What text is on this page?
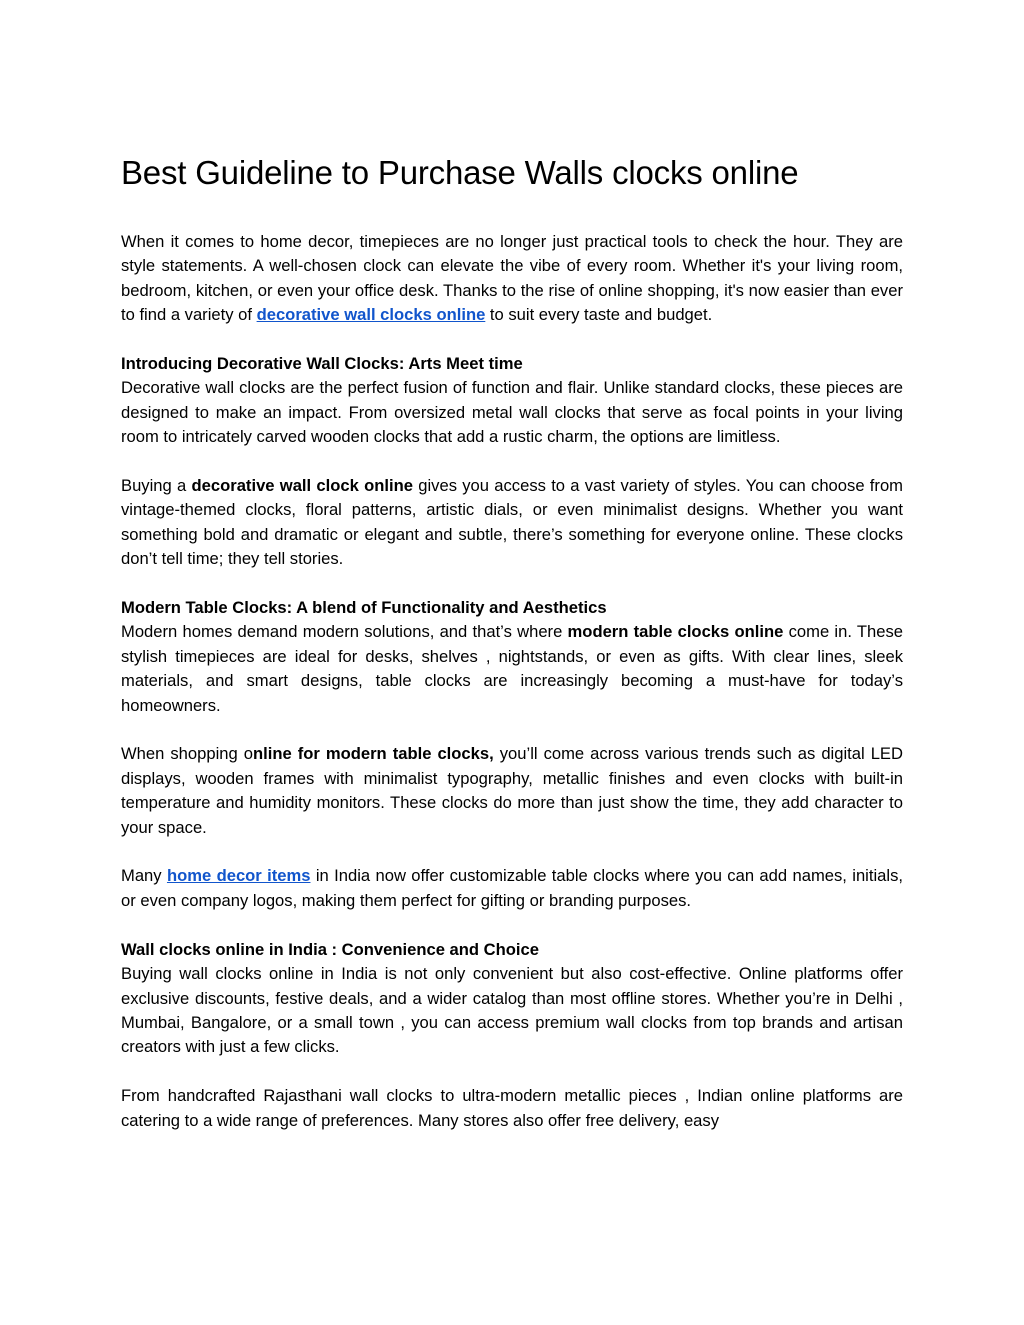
Best Guideline to Purchase Walls clocks online

When it comes to home decor, timepieces are no longer just practical tools to check the hour. They are style statements. A well-chosen clock can elevate the vibe of every room. Whether it's your living room, bedroom, kitchen, or even your office desk. Thanks to the rise of online shopping, it's now easier than ever to find a variety of decorative wall clocks online to suit every taste and budget.

Introducing Decorative Wall Clocks: Arts Meet time
Decorative wall clocks are the perfect fusion of function and flair. Unlike standard clocks, these pieces are designed to make an impact. From oversized metal wall clocks that serve as focal points in your living room to intricately carved wooden clocks that add a rustic charm, the options are limitless.

Buying a decorative wall clock online gives you access to a vast variety of styles. You can choose from vintage-themed clocks, floral patterns, artistic dials, or even minimalist designs. Whether you want something bold and dramatic or elegant and subtle, there’s something for everyone online. These clocks don’t tell time; they tell stories.

Modern Table Clocks: A blend of Functionality and Aesthetics
Modern homes demand modern solutions, and that’s where modern table clocks online come in. These stylish timepieces are ideal for desks, shelves , nightstands, or even as gifts. With clear lines, sleek materials, and smart designs, table clocks are increasingly becoming a must-have for today’s homeowners.

When shopping online for modern table clocks, you’ll come across various trends such as digital LED displays, wooden frames with minimalist typography, metallic finishes and even clocks with built-in temperature and humidity monitors. These clocks do more than just show the time, they add character to your space.

Many home decor items in India now offer customizable table clocks where you can add names, initials, or even company logos, making them perfect for gifting or branding purposes.

Wall clocks online in India : Convenience and Choice
Buying wall clocks online in India is not only convenient but also cost-effective. Online platforms offer exclusive discounts, festive deals, and a wider catalog than most offline stores. Whether you’re in Delhi , Mumbai, Bangalore, or a small town , you can access premium wall clocks from top brands and artisan creators with just a few clicks.

From handcrafted Rajasthani wall clocks to ultra-modern metallic pieces , Indian online platforms are catering to a wide range of preferences. Many stores also offer free delivery, easy
